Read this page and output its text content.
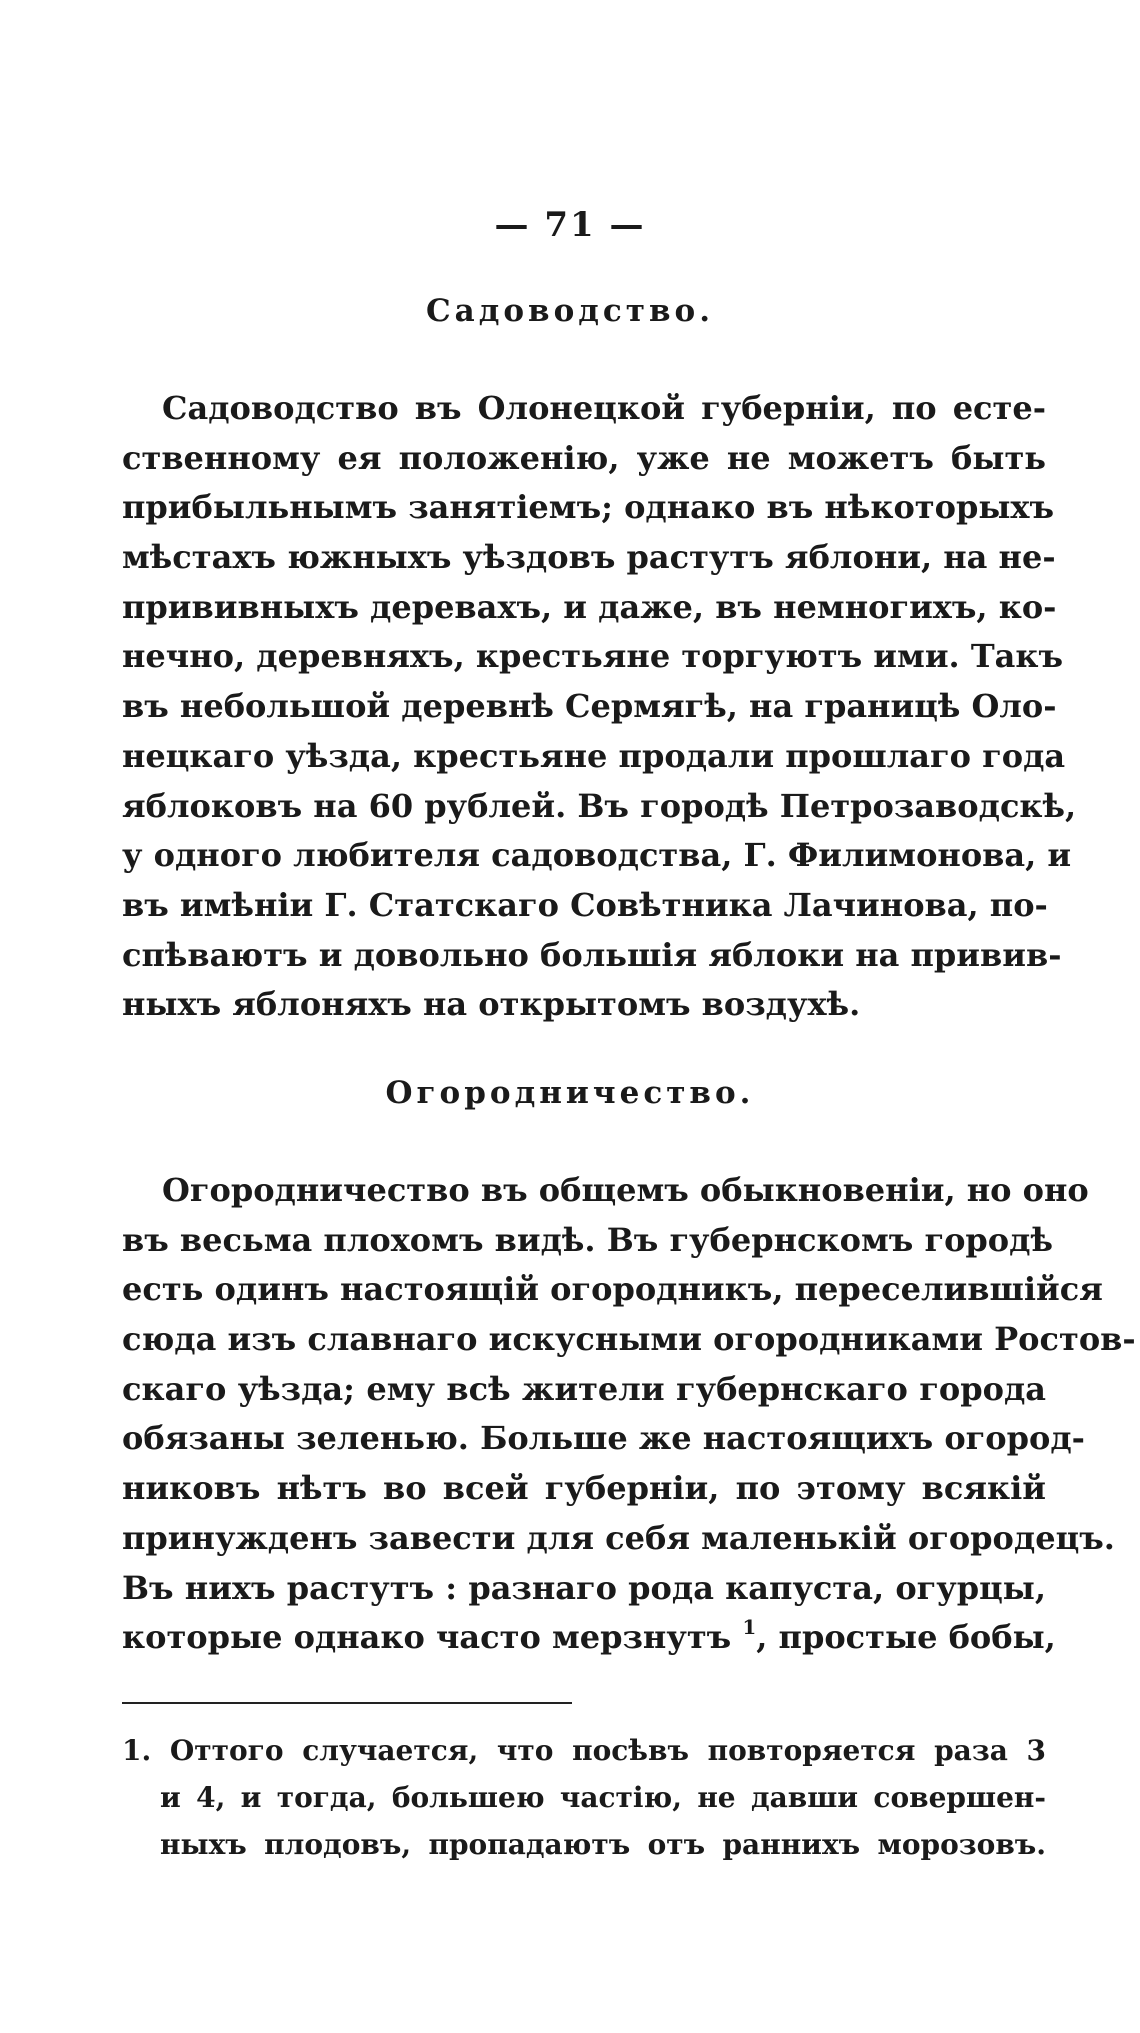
— 71 —
Садоводство.
Садоводство въ Олонецкой губерніи, по есте-
ственному ея положенію, уже не можетъ быть
прибыльнымъ занятіемъ; однако въ нѣкоторыхъ
мѣстахъ южныхъ уѣздовъ растутъ яблони, на не-
прививныхъ деревахъ, и даже, въ немногихъ, ко-
нечно, деревняхъ, крестьяне торгуютъ ими. Такъ
въ небольшой деревнѣ Сермягѣ, на границѣ Оло-
нецкаго уѣзда, крестьяне продали прошлаго года
яблоковъ на 60 рублей. Въ городѣ Петрозаводскѣ,
у одного любителя садоводства, Г. Филимонова, и
въ имѣніи Г. Статскаго Совѣтника Лачинова, по-
спѣваютъ и довольно большія яблоки на привив-
ныхъ яблоняхъ на открытомъ воздухѣ.
Огородничество.
Огородничество въ общемъ обыкновеніи, но оно
въ весьма плохомъ видѣ. Въ губернскомъ городѣ
есть одинъ настоящій огородникъ, переселившійся
сюда изъ славнаго искусными огородниками Ростов-
скаго уѣзда; ему всѣ жители губернскаго города
обязаны зеленью. Больше же настоящихъ огород-
никовъ нѣтъ во всей губерніи, по этому всякій
принужденъ завести для себя маленькій огородецъ.
Въ нихъ растутъ : разнаго рода капуста, огурцы,
которые однако часто мерзнутъ $^1$, простые бобы,
1. Оттого случается, что посѣвъ повторяется раза 3
и 4, и тогда, большею частію, не давши совершен-
ныхъ плодовъ, пропадаютъ отъ раннихъ морозовъ.
